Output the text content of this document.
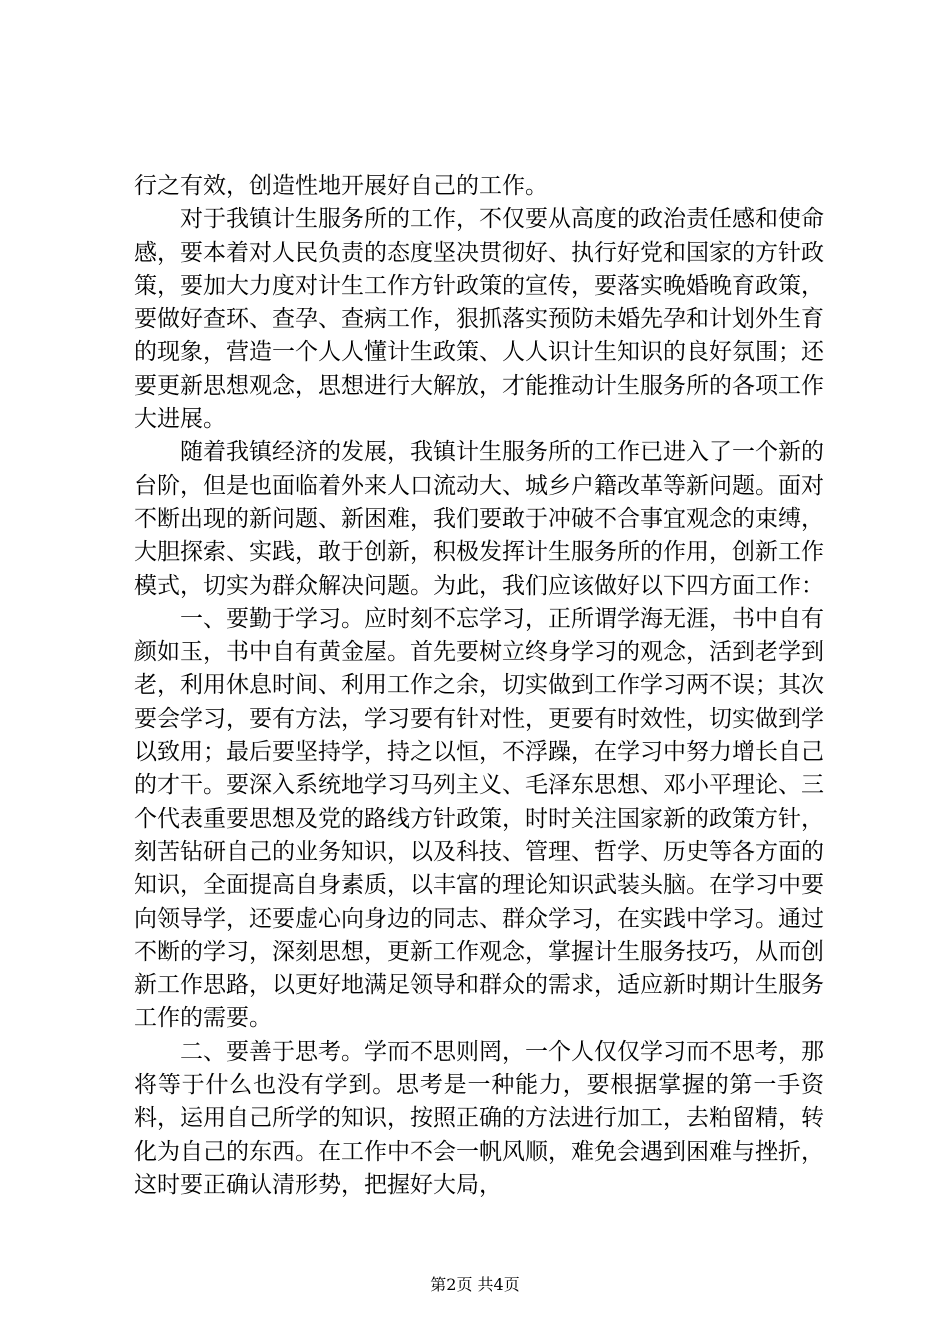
行之有效，创造性地开展好自己的工作。

对于我镇计生服务所的工作，不仅要从高度的政治责任感和使命感，要本着对人民负责的态度坚决贯彻好、执行好党和国家的方针政策，要加大力度对计生工作方针政策的宣传，要落实晚婚晚育政策，要做好查环、查孕、查病工作，狠抓落实预防未婚先孕和计划外生育的现象，营造一个人人懂计生政策、人人识计生知识的良好氛围；还要更新思想观念，思想进行大解放，才能推动计生服务所的各项工作大进展。

随着我镇经济的发展，我镇计生服务所的工作已进入了一个新的台阶，但是也面临着外来人口流动大、城乡户籍改革等新问题。面对不断出现的新问题、新困难，我们要敢于冲破不合事宜观念的束缚，大胆探索、实践，敢于创新，积极发挥计生服务所的作用，创新工作模式，切实为群众解决问题。为此，我们应该做好以下四方面工作：

一、要勤于学习。应时刻不忘学习，正所谓学海无涯，书中自有颜如玉，书中自有黄金屋。首先要树立终身学习的观念，活到老学到老，利用休息时间、利用工作之余，切实做到工作学习两不误；其次要会学习，要有方法，学习要有针对性，更要有时效性，切实做到学以致用；最后要坚持学，持之以恒，不浮躁，在学习中努力增长自己的才干。要深入系统地学习马列主义、毛泽东思想、邓小平理论、三个代表重要思想及党的路线方针政策，时时关注国家新的政策方针，刻苦钻研自己的业务知识，以及科技、管理、哲学、历史等各方面的知识，全面提高自身素质，以丰富的理论知识武装头脑。在学习中要向领导学，还要虚心向身边的同志、群众学习，在实践中学习。通过不断的学习，深刻思想，更新工作观念，掌握计生服务技巧，从而创新工作思路，以更好地满足领导和群众的需求，适应新时期计生服务工作的需要。

二、要善于思考。学而不思则罔，一个人仅仅学习而不思考，那将等于什么也没有学到。思考是一种能力，要根据掌握的第一手资料，运用自己所学的知识，按照正确的方法进行加工，去粕留精，转化为自己的东西。在工作中不会一帆风顺，难免会遇到困难与挫折，这时要正确认清形势，把握好大局，

第2页 共4页
